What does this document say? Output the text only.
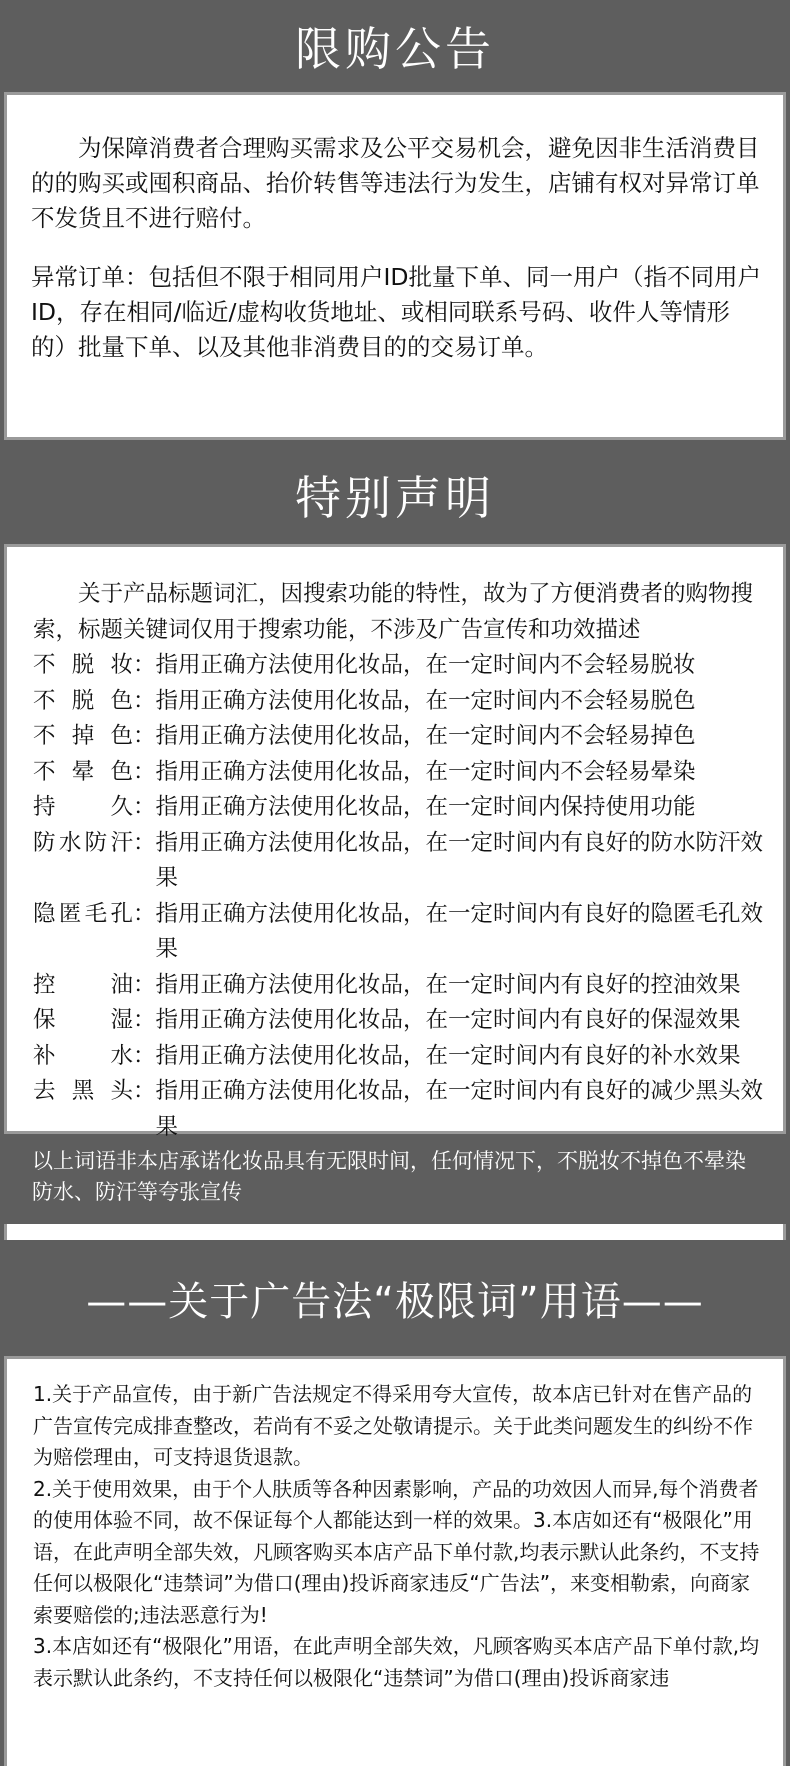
限购公告

为保障消费者合理购买需求及公平交易机会，避免因非生活消费目的的购买或囤积商品、抬价转售等违法行为发生，店铺有权对异常订单不发货且不进行赔付。

异常订单：包括但不限于相同用户ID批量下单、同一用户（指不同用户ID，存在相同/临近/虚构收货地址、或相同联系号码、收件人等情形的）批量下单、以及其他非消费目的的交易订单。

特别声明

关于产品标题词汇，因搜索功能的特性，故为了方便消费者的购物搜索，标题关键词仅用于搜索功能，不涉及广告宣传和功效描述

不 脱 妆 ： 指用正确方法使用化妆品，在一定时间内不会轻易脱妆
不 脱 色 ： 指用正确方法使用化妆品，在一定时间内不会轻易脱色
不 掉 色 ： 指用正确方法使用化妆品，在一定时间内不会轻易掉色
不 晕 色 ： 指用正确方法使用化妆品，在一定时间内不会轻易晕染
持 久 ： 指用正确方法使用化妆品，在一定时间内保持使用功能
防 水 防 汗 ： 指用正确方法使用化妆品，在一定时间内有良好的防水防汗效果
隐 匿 毛 孔 ： 指用正确方法使用化妆品，在一定时间内有良好的隐匿毛孔效果
控 油 ： 指用正确方法使用化妆品，在一定时间内有良好的控油效果
保 湿 ： 指用正确方法使用化妆品，在一定时间内有良好的保湿效果
补 水 ： 指用正确方法使用化妆品，在一定时间内有良好的补水效果
去 黑 头 ： 指用正确方法使用化妆品，在一定时间内有良好的减少黑头效果
以上词语非本店承诺化妆品具有无限时间，任何情况下，不脱妆不掉色不晕染防水、防汗等夸张宣传
——关于广告法“极限词”用语——

1.关于产品宣传，由于新广告法规定不得采用夸大宣传，故本店已针对在售产品的广告宣传完成排查整改，若尚有不妥之处敬请提示。关于此类问题发生的纠纷不作为赔偿理由，可支持退货退款。

2.关于使用效果，由于个人肤质等各种因素影响，产品的功效因人而异,每个消费者的使用体验不同，故不保证每个人都能达到一样的效果。3.本店如还有“极限化”用语，在此声明全部失效，凡顾客购买本店产品下单付款,均表示默认此条约，不支持任何以极限化“违禁词”为借口(理由)投诉商家违反“广告法”，来变相勒索，向商家索要赔偿的;违法恶意行为!

3.本店如还有“极限化”用语，在此声明全部失效，凡顾客购买本店产品下单付款,均表示默认此条约，不支持任何以极限化“违禁词”为借口(理由)投诉商家违
